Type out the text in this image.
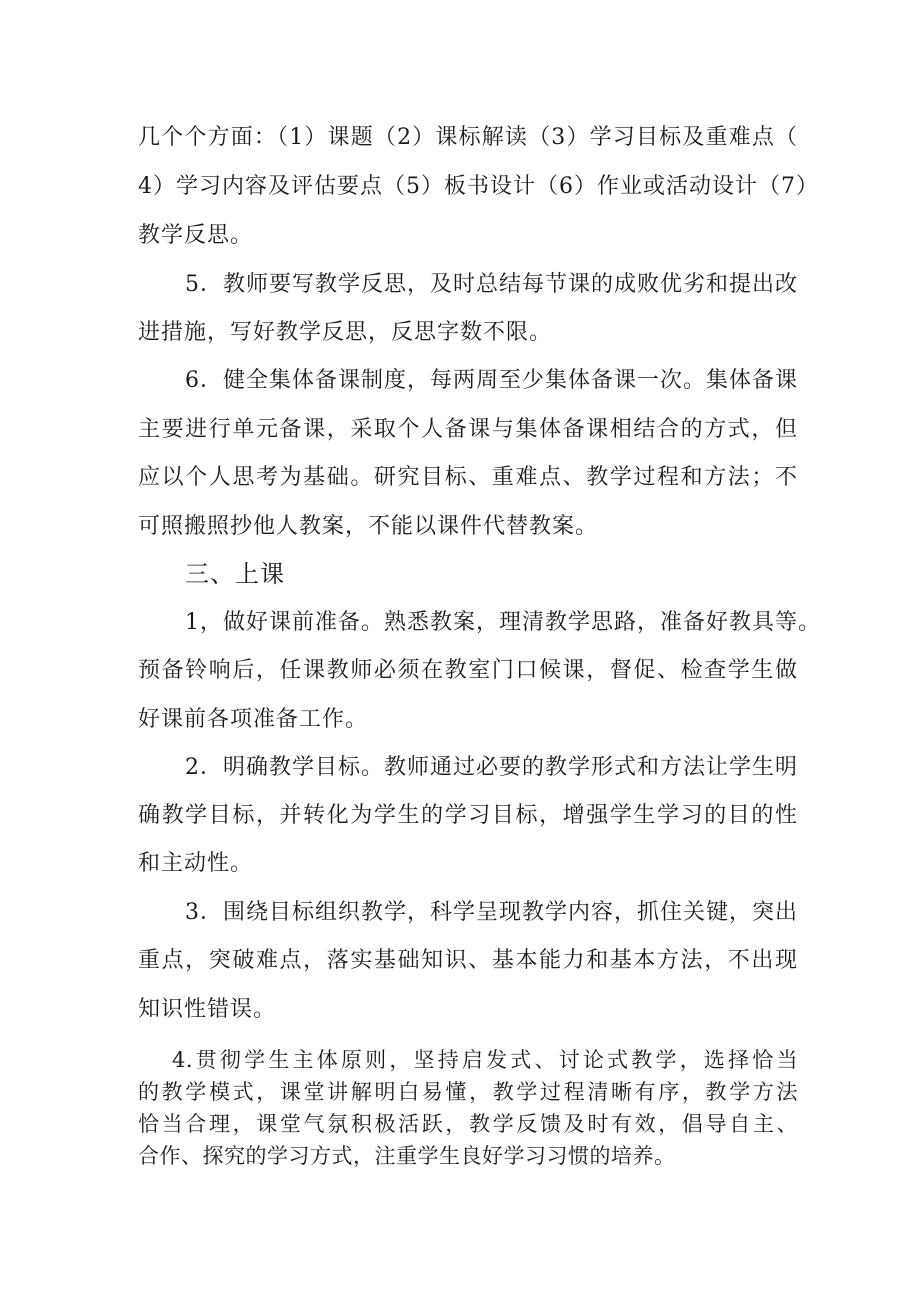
几个个方面：（1）课题（2）课标解读（3）学习目标及重难点（
4）学习内容及评估要点（5）板书设计（6）作业或活动设计（7）
教学反思。
5．教师要写教学反思，及时总结每节课的成败优劣和提出改
进措施，写好教学反思，反思字数不限。
6．健全集体备课制度，每两周至少集体备课一次。集体备课
主要进行单元备课，采取个人备课与集体备课相结合的方式，但
应以个人思考为基础。研究目标、重难点、教学过程和方法；不
可照搬照抄他人教案，不能以课件代替教案。
三、上课
1，做好课前准备。熟悉教案，理清教学思路，准备好教具等。
预备铃响后，任课教师必须在教室门口候课，督促、检查学生做
好课前各项准备工作。
2．明确教学目标。教师通过必要的教学形式和方法让学生明
确教学目标，并转化为学生的学习目标，增强学生学习的目的性
和主动性。
3．围绕目标组织教学，科学呈现教学内容，抓住关键，突出
重点，突破难点，落实基础知识、基本能力和基本方法，不出现
知识性错误。
4.贯彻学生主体原则，坚持启发式、讨论式教学，选择恰当
的教学模式，课堂讲解明白易懂，教学过程清晰有序，教学方法
恰当合理，课堂气氛积极活跃，教学反馈及时有效，倡导自主、
合作、探究的学习方式，注重学生良好学习习惯的培养。
